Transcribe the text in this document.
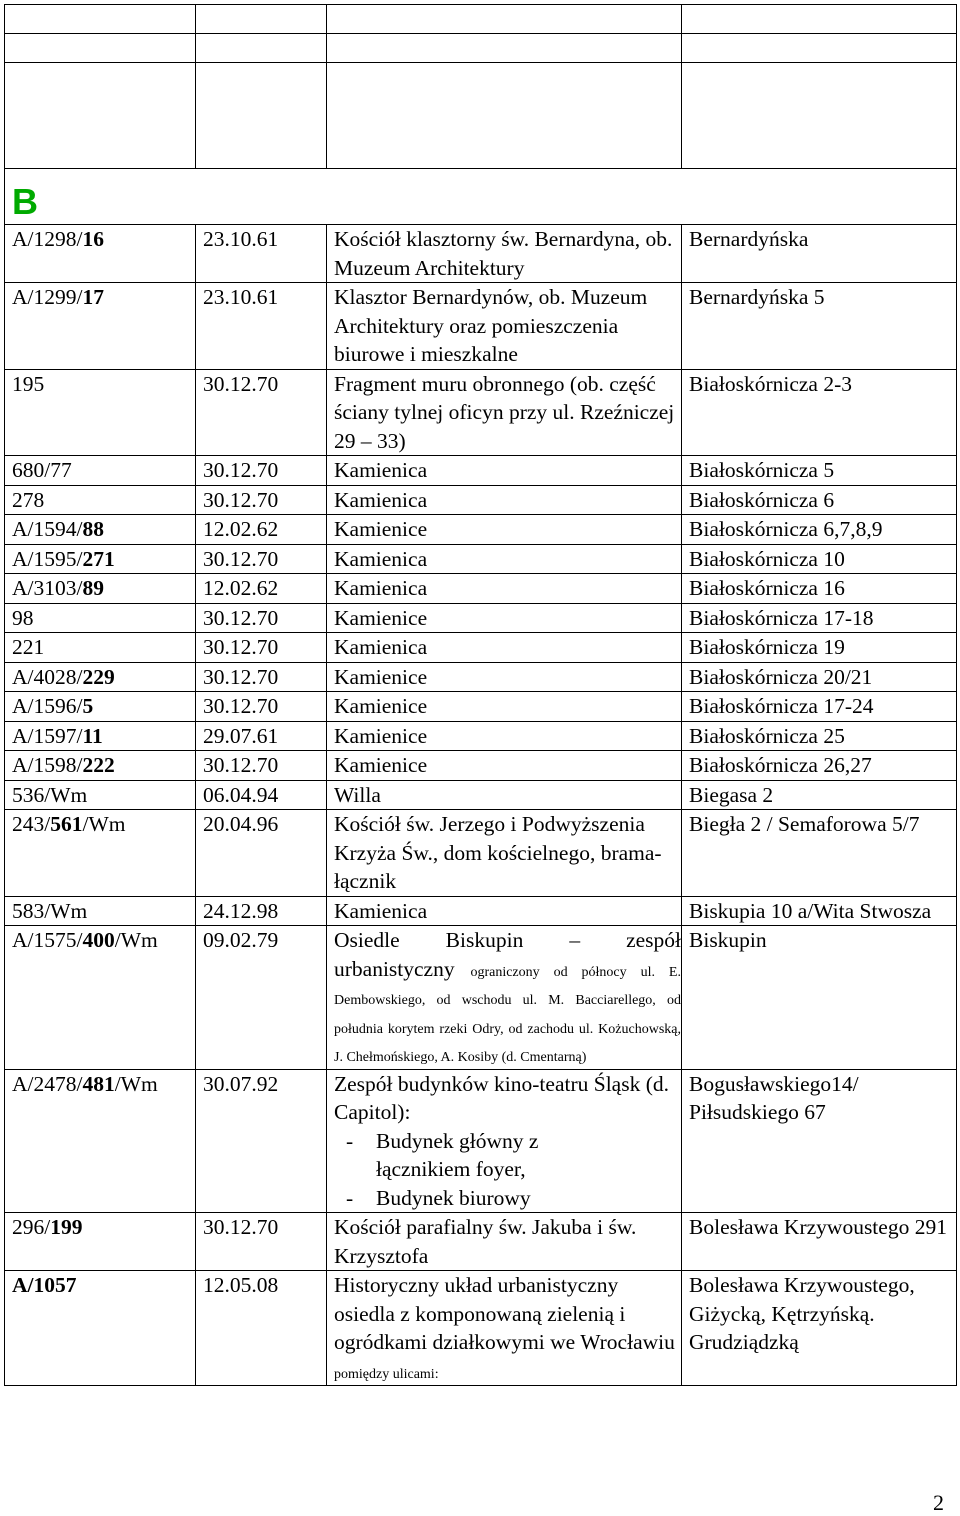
B			
A/1298/16	23.10.61	Kościół klasztorny św. Bernardyna, ob. Muzeum Architektury	Bernardyńska
A/1299/17	23.10.61	Klasztor Bernardynów, ob. Muzeum Architektury oraz pomieszczenia biurowe i mieszkalne	Bernardyńska 5
195	30.12.70	Fragment muru obronnego (ob. część ściany tylnej oficyn przy ul. Rzeźniczej 29 – 33)	Białoskórnicza 2-3
680/77	30.12.70	Kamienica	Białoskórnicza 5
278	30.12.70	Kamienica	Białoskórnicza 6
A/1594/88	12.02.62	Kamienice	Białoskórnicza 6,7,8,9
A/1595/271	30.12.70	Kamienica	Białoskórnicza 10
A/3103/89	12.02.62	Kamienica	Białoskórnicza 16
98	30.12.70	Kamienice	Białoskórnicza 17-18
221	30.12.70	Kamienica	Białoskórnicza 19
A/4028/229	30.12.70	Kamienice	Białoskórnicza 20/21
A/1596/5	30.12.70	Kamienice	Białoskórnicza 17-24
A/1597/11	29.07.61	Kamienice	Białoskórnicza 25
A/1598/222	30.12.70	Kamienice	Białoskórnicza 26,27
536/Wm	06.04.94	Willa	Biegasa 2
243/561/Wm	20.04.96	Kościół św. Jerzego i Podwyższenia Krzyża Św., dom kościelnego, brama-łącznik	Biegła 2 / Semaforowa 5/7
583/Wm	24.12.98	Kamienica	Biskupia 10 a/Wita Stwosza
A/1575/400/Wm	09.02.79	Osiedle Biskupin – zespół urbanistyczny ograniczony od północy ul. E. Dembowskiego, od wschodu ul. M. Bacciarellego, od południa korytem rzeki Odry, od zachodu ul. Kożuchowską, J. Chełmońskiego, A. Kosiby (d. Cmentarną)	Biskupin
A/2478/481/Wm	30.07.92	Zespół budynków kino-teatru Śląsk (d. Capitol):
- Budynek główny z łącznikiem foyer,
- Budynek biurowy	Bogusławskiego14/ Piłsudskiego 67
296/199	30.12.70	Kościół parafialny św. Jakuba i św. Krzysztofa	Bolesława Krzywoustego 291
A/1057	12.05.08	Historyczny układ urbanistyczny osiedla z komponowaną zielenią i ogródkami działkowymi we Wrocławiu pomiędzy ulicami:	Bolesława Krzywoustego, Giżycką, Kętrzyńską. Grudziądzką
2
